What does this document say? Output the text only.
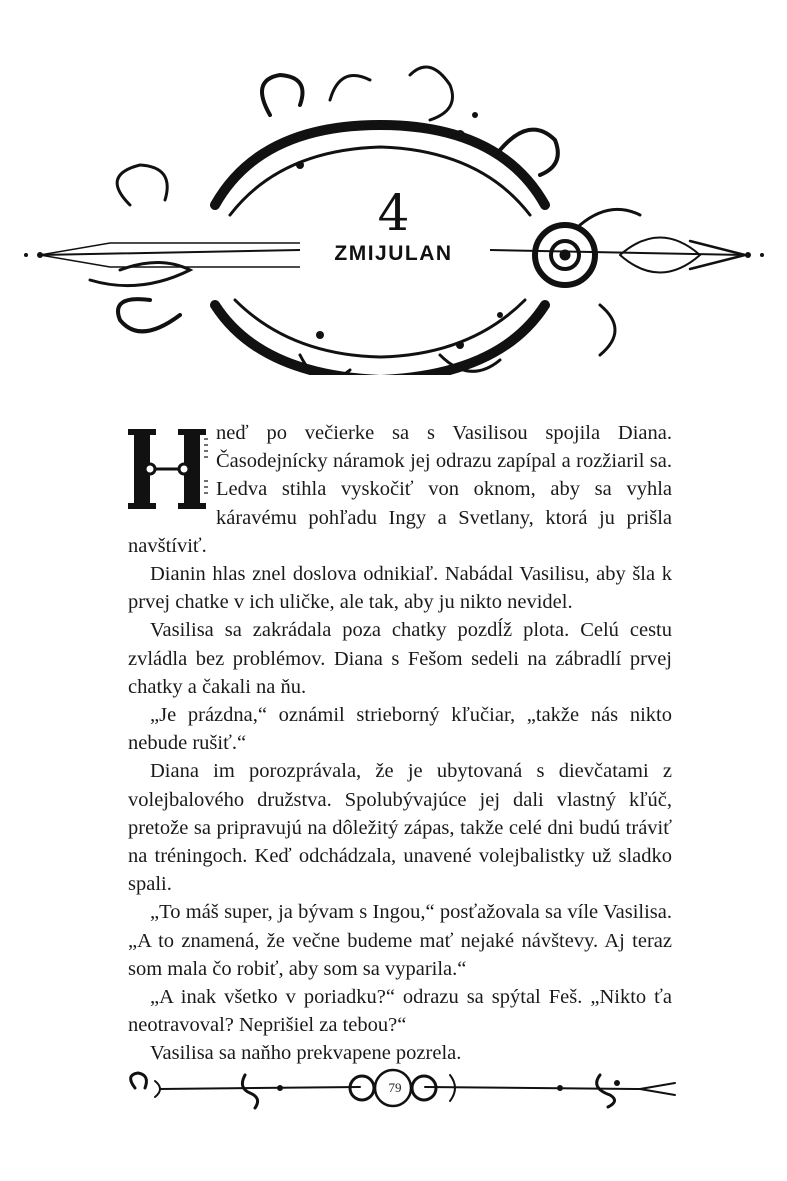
4
ZMIJULAN

neď po večierke sa s Vasilisou spojila Diana. Časodejnícky náramok jej odrazu zapípal a rozžiaril sa. Ledva stihla vyskočiť von oknom, aby sa vyhla káravému pohľadu Ingy a Svetlany, ktorá ju prišla navštíviť.

Dianin hlas znel doslova odnikiaľ. Nabádal Vasilisu, aby šla k prvej chatke v ich uličke, ale tak, aby ju nikto nevidel.

Vasilisa sa zakrádala poza chatky pozdĺž plota. Celú cestu zvládla bez problémov. Diana s Fešom sedeli na zábradlí prvej chatky a čakali na ňu.

„Je prázdna,“ oznámil strieborný kľučiar, „takže nás nikto nebude rušiť.“

Diana im porozprávala, že je ubytovaná s dievčatami z volejbalového družstva. Spolubývajúce jej dali vlastný kľúč, pretože sa pripravujú na dôležitý zápas, takže celé dni budú tráviť na tréningoch. Keď odchádzala, unavené volejbalistky už sladko spali.

„To máš super, ja bývam s Ingou,“ posťažovala sa víle Vasilisa. „A to znamená, že večne budeme mať nejaké návštevy. Aj teraz som mala čo robiť, aby som sa vyparila.“

„A inak všetko v poriadku?“ odrazu sa spýtal Feš. „Nikto ťa neotravoval? Neprišiel za tebou?“

Vasilisa sa naňho prekvapene pozrela.

79
